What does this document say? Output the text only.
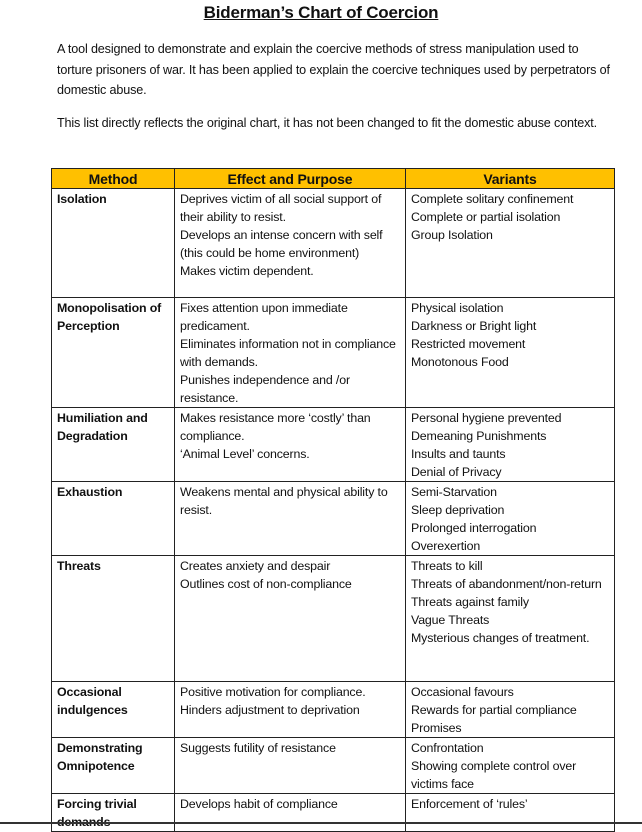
Biderman’s Chart of Coercion
A tool designed to demonstrate and explain the coercive methods of stress manipulation used to torture prisoners of war. It has been applied to explain the coercive techniques used by perpetrators of domestic abuse.
This list directly reflects the original chart, it has not been changed to fit the domestic abuse context.
Method	Effect and Purpose	Variants

Isolation	Deprives victim of all social support of their ability to resist.
Develops an intense concern with self (this could be home environment)
Makes victim dependent.	Complete solitary confinement
Complete or partial isolation
Group Isolation

Monopolisation of Perception	Fixes attention upon immediate predicament.
Eliminates information not in compliance with demands.
Punishes independence and /or resistance.	Physical isolation
Darkness or Bright light
Restricted movement
Monotonous Food

Humiliation and Degradation	Makes resistance more ‘costly’ than compliance.
‘Animal Level’ concerns.	Personal hygiene prevented
Demeaning Punishments
Insults and taunts
Denial of Privacy

Exhaustion	Weakens mental and physical ability to resist.	Semi-Starvation
Sleep deprivation
Prolonged interrogation
Overexertion

Threats	Creates anxiety and despair
Outlines cost of non-compliance	Threats to kill
Threats of abandonment/non-return
Threats against family
Vague Threats
Mysterious changes of treatment.

Occasional indulgences	Positive motivation for compliance.
Hinders adjustment to deprivation	Occasional favours
Rewards for partial compliance
Promises

Demonstrating Omnipotence	Suggests futility of resistance	Confrontation
Showing complete control over victims face

Forcing trivial	Develops habit of compliance	Enforcement of ‘rules’
